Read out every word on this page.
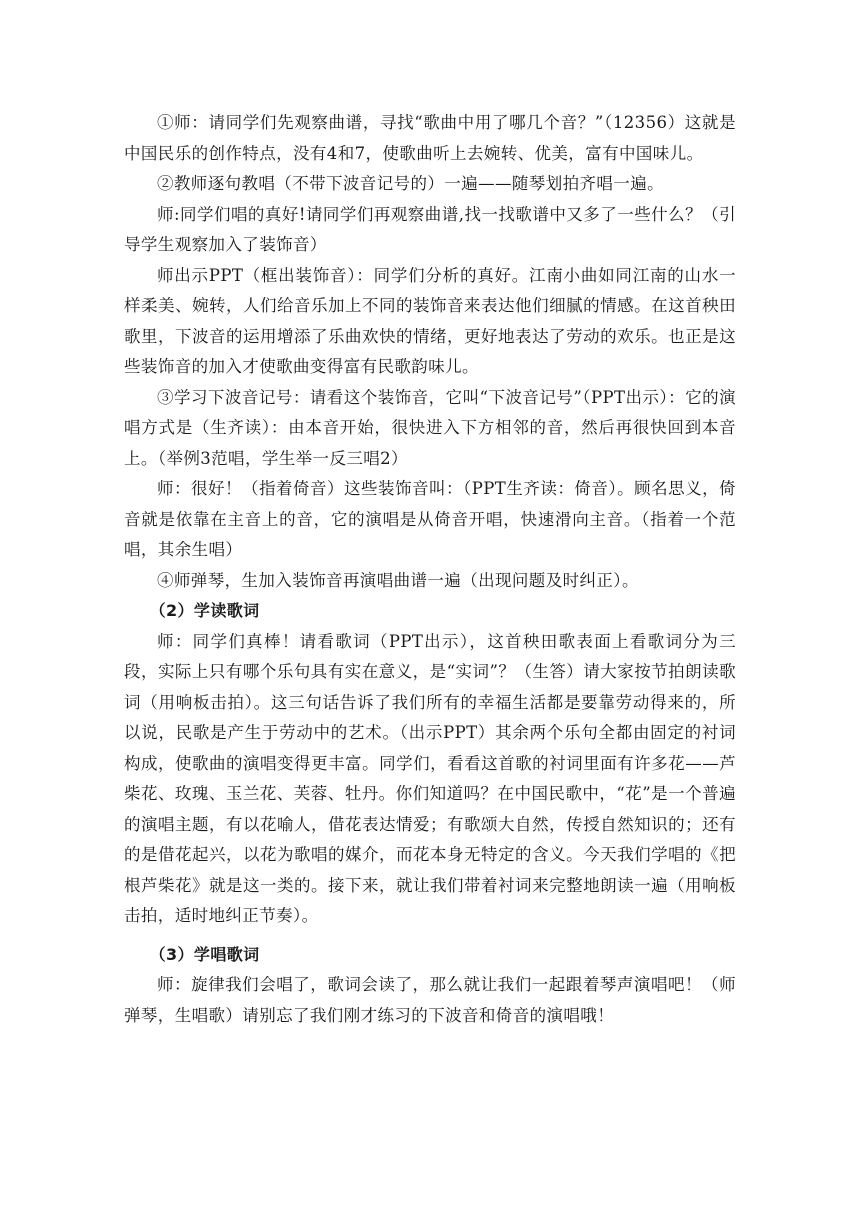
①师：请同学们先观察曲谱，寻找“歌曲中用了哪几个音？”（12356）这就是中国民乐的创作特点，没有4和7，使歌曲听上去婉转、优美，富有中国味儿。

②教师逐句教唱（不带下波音记号的）一遍——随琴划拍齐唱一遍。

师:同学们唱的真好!请同学们再观察曲谱,找一找歌谱中又多了一些什么？（引导学生观察加入了装饰音）

师出示PPT（框出装饰音）：同学们分析的真好。江南小曲如同江南的山水一样柔美、婉转，人们给音乐加上不同的装饰音来表达他们细腻的情感。在这首秧田歌里，下波音的运用增添了乐曲欢快的情绪，更好地表达了劳动的欢乐。也正是这些装饰音的加入才使歌曲变得富有民歌韵味儿。

③学习下波音记号：请看这个装饰音，它叫“下波音记号”（PPT出示）：它的演唱方式是（生齐读）：由本音开始，很快进入下方相邻的音，然后再很快回到本音上。（举例3范唱，学生举一反三唱2）

师：很好！（指着倚音）这些装饰音叫：（PPT生齐读：倚音）。顾名思义，倚音就是依靠在主音上的音，它的演唱是从倚音开唱，快速滑向主音。（指着一个范唱，其余生唱）

④师弹琴，生加入装饰音再演唱曲谱一遍（出现问题及时纠正）。

（2）学读歌词

师：同学们真棒！请看歌词（PPT出示），这首秧田歌表面上看歌词分为三段，实际上只有哪个乐句具有实在意义，是“实词”？（生答）请大家按节拍朗读歌词（用响板击拍）。这三句话告诉了我们所有的幸福生活都是要靠劳动得来的，所以说，民歌是产生于劳动中的艺术。（出示PPT）其余两个乐句全都由固定的衬词构成，使歌曲的演唱变得更丰富。同学们，看看这首歌的衬词里面有许多花——芦柴花、玫瑰、玉兰花、芙蓉、牡丹。你们知道吗？在中国民歌中，“花”是一个普遍的演唱主题，有以花喻人，借花表达情爱；有歌颂大自然，传授自然知识的；还有的是借花起兴，以花为歌唱的媒介，而花本身无特定的含义。今天我们学唱的《把根芦柴花》就是这一类的。接下来，就让我们带着衬词来完整地朗读一遍（用响板击拍，适时地纠正节奏）。

（3）学唱歌词

师：旋律我们会唱了，歌词会读了，那么就让我们一起跟着琴声演唱吧！（师弹琴，生唱歌）请别忘了我们刚才练习的下波音和倚音的演唱哦！
